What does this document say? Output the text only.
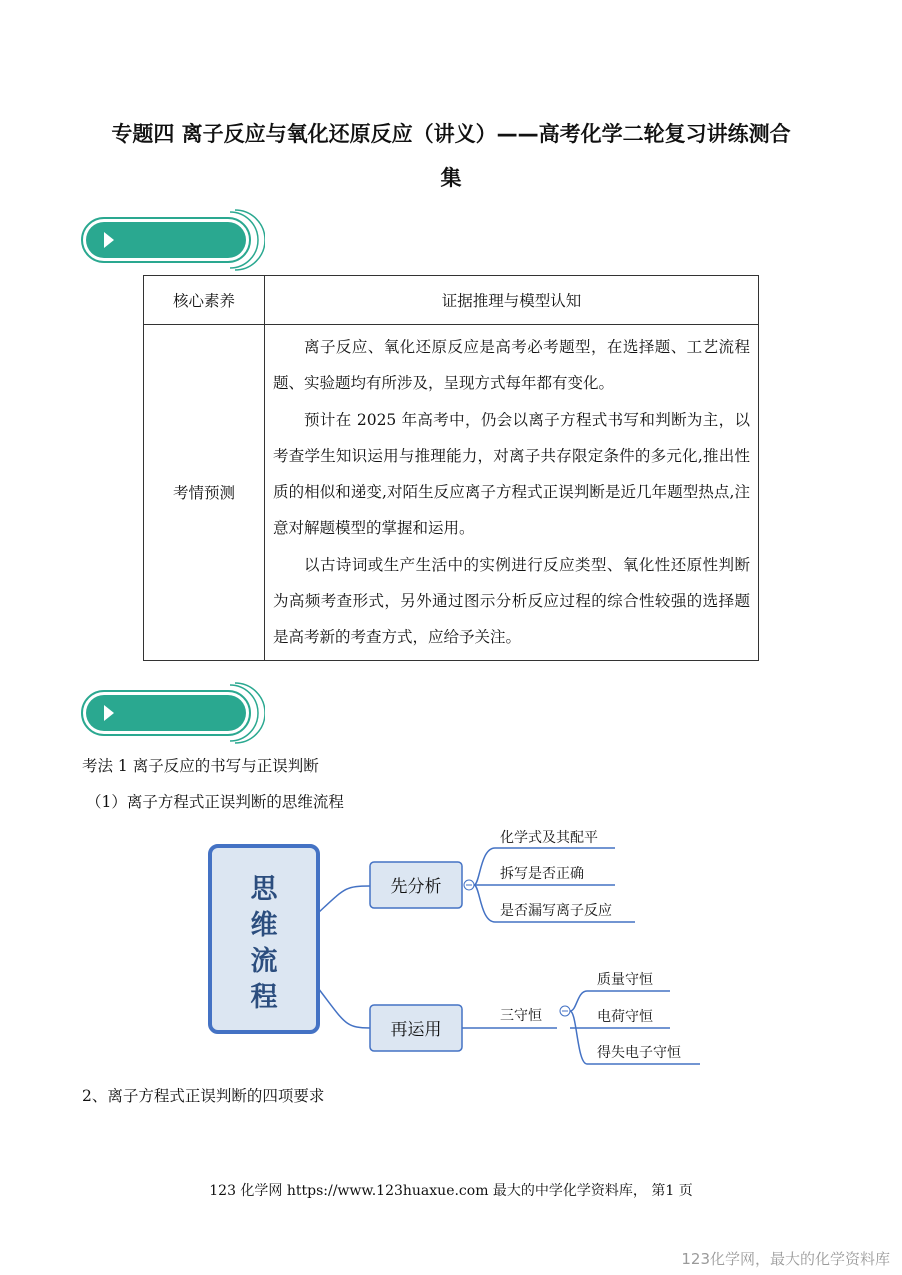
专题四 离子反应与氧化还原反应（讲义）——高考化学二轮复习讲练测合
集
核心素养	证据推理与模型认知
考情预测	离子反应、氧化还原反应是高考必考题型，在选择题、工艺流程题、实验题均有所涉及，呈现方式每年都有变化。

预计在 2025 年高考中，仍会以离子方程式书写和判断为主，以考查学生知识运用与推理能力，对离子共存限定条件的多元化,推出性质的相似和递变,对陌生反应离子方程式正误判断是近几年题型热点,注意对解题模型的掌握和运用。

以古诗词或生产生活中的实例进行反应类型、氧化性还原性判断为高频考查形式，另外通过图示分析反应过程的综合性较强的选择题是高考新的考查方式，应给予关注。

考法 1 离子反应的书写与正误判断
（1）离子方程式正误判断的思维流程
思
维
流
程
先分析
化学式及其配平
拆写是否正确
是否漏写离子反应
再运用
三守恒
质量守恒
电荷守恒
得失电子守恒
2、离子方程式正误判断的四项要求
123 化学网 https://www.123huaxue.com 最大的中学化学资料库， 第1 页
123化学网，最大的化学资料库
